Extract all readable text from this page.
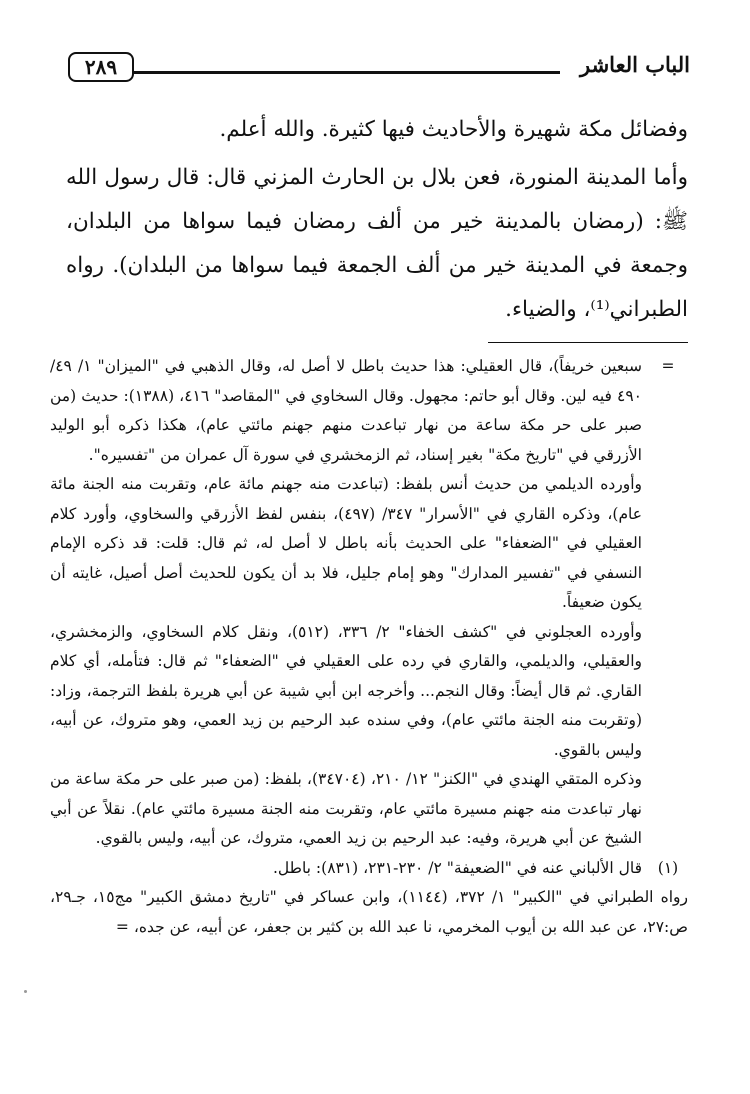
الباب العاشر
٢٨٩

وفضائل مكة شهيرة والأحاديث فيها كثيرة. والله أعلم.

وأما المدينة المنورة، فعن بلال بن الحارث المزني قال: قال رسول الله ﷺ: (رمضان بالمدينة خير من ألف رمضان فيما سواها من البلدان، وجمعة في المدينة خير من ألف الجمعة فيما سواها من البلدان). رواه الطبراني⁽¹⁾، والضياء.

=

سبعين خريفاً)، قال العقيلي: هذا حديث باطل لا أصل له، وقال الذهبي في "الميزان" ١/ ٤٩/ ٤٩٠ فيه لين. وقال أبو حاتم: مجهول. وقال السخاوي في "المقاصد" ٤١٦، (١٣٨٨): حديث (من صبر على حر مكة ساعة من نهار تباعدت منهم جهنم مائتي عام)، هكذا ذكره أبو الوليد الأزرقي في "تاريخ مكة" بغير إسناد، ثم الزمخشري في سورة آل عمران من "تفسيره".

وأورده الديلمي من حديث أنس بلفظ: (تباعدت منه جهنم مائة عام، وتقربت منه الجنة مائة عام)، وذكره القاري في "الأسرار" ٣٤٧/ (٤٩٧)، بنفس لفظ الأزرقي والسخاوي، وأورد كلام العقيلي في "الضعفاء" على الحديث بأنه باطل لا أصل له، ثم قال: قلت: قد ذكره الإمام النسفي في "تفسير المدارك" وهو إمام جليل، فلا بد أن يكون للحديث أصل أصيل، غايته أن يكون ضعيفاً.

وأورده العجلوني في "كشف الخفاء" ٢/ ٣٣٦، (٥١٢)، ونقل كلام السخاوي، والزمخشري، والعقيلي، والديلمي، والقاري في رده على العقيلي في "الضعفاء" ثم قال: فتأمله، أي كلام القاري. ثم قال أيضاً: وقال النجم... وأخرجه ابن أبي شيبة عن أبي هريرة بلفظ الترجمة، وزاد: (وتقربت منه الجنة مائتي عام)، وفي سنده عبد الرحيم بن زيد العمي، وهو متروك، عن أبيه، وليس بالقوي.

وذكره المتقي الهندي في "الكنز" ١٢/ ٢١٠، (٣٤٧٠٤)، بلفظ: (من صبر على حر مكة ساعة من نهار تباعدت منه جهنم مسيرة مائتي عام، وتقربت منه الجنة مسيرة مائتي عام). نقلاً عن أبي الشيخ عن أبي هريرة، وفيه: عبد الرحيم بن زيد العمي، متروك، عن أبيه، وليس بالقوي.

(١)

قال الألباني عنه في "الضعيفة" ٢/ ٢٣٠-٢٣١، (٨٣١): باطل.

رواه الطبراني في "الكبير" ١/ ٣٧٢، (١١٤٤)، وابن عساكر في "تاريخ دمشق الكبير" مج١٥، جـ٢٩، ص:٢٧، عن عبد الله بن أيوب المخرمي، نا عبد الله بن كثير بن جعفر، عن أبيه، عن جده، =
